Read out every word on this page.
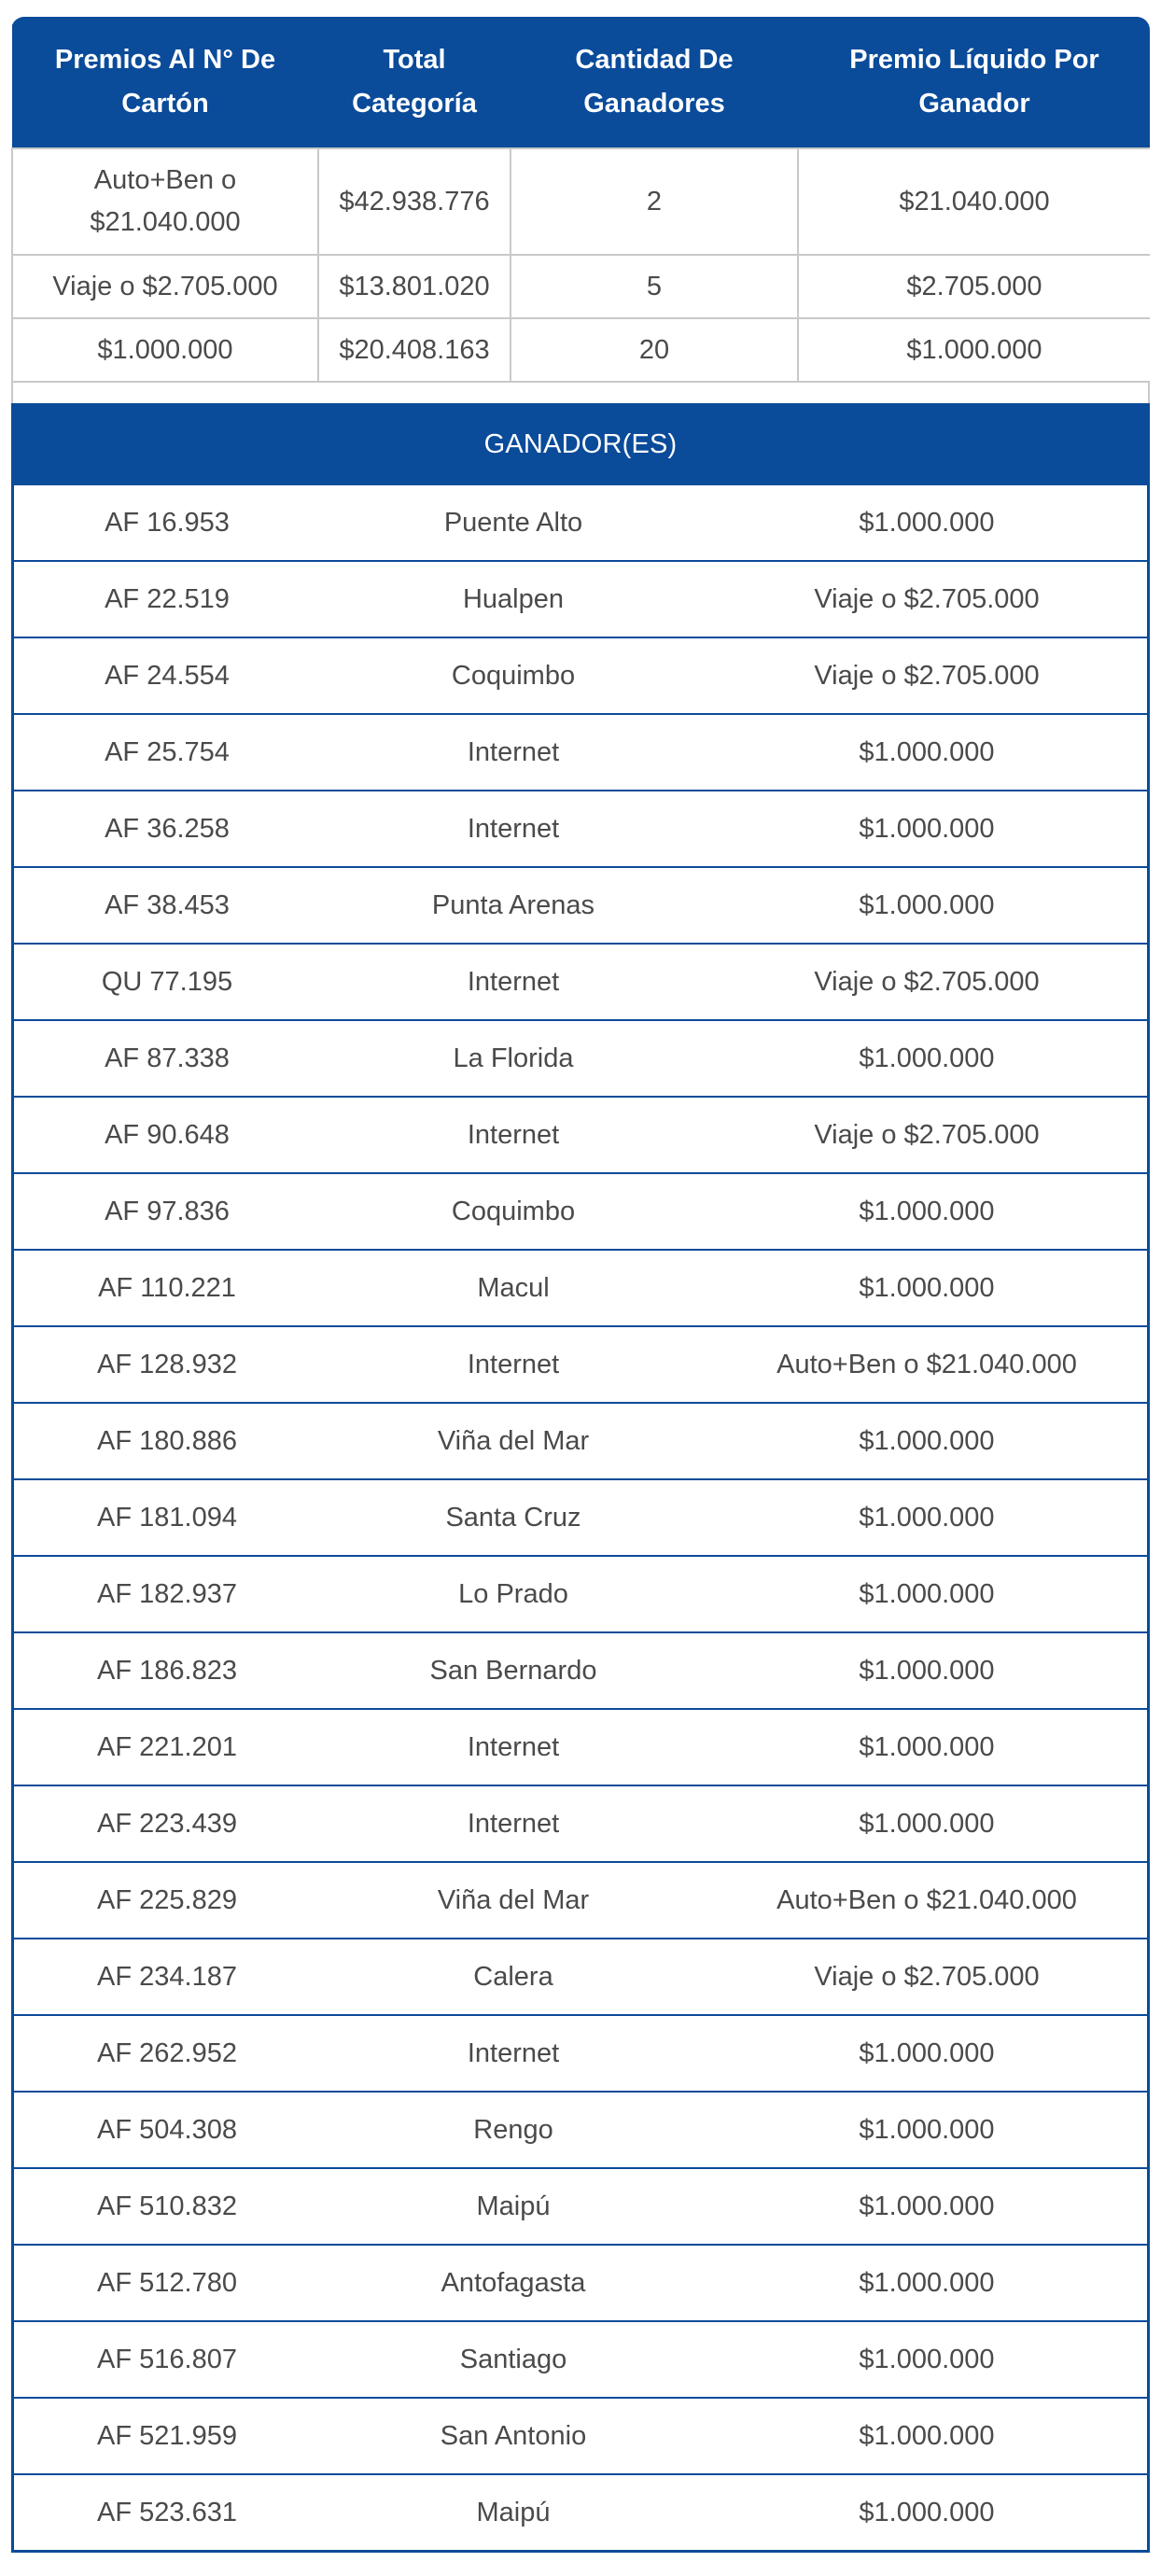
Premios Al N° De Cartón	Total Categoría	Cantidad De Ganadores	Premio Líquido Por Ganador
Auto+Ben o $21.040.000	$42.938.776	2	$21.040.000
Viaje o $2.705.000	$13.801.020	5	$2.705.000
$1.000.000	$20.408.163	20	$1.000.000
GANADOR(ES)
AF 16.953	Puente Alto	$1.000.000
AF 22.519	Hualpen	Viaje o $2.705.000
AF 24.554	Coquimbo	Viaje o $2.705.000
AF 25.754	Internet	$1.000.000
AF 36.258	Internet	$1.000.000
AF 38.453	Punta Arenas	$1.000.000
QU 77.195	Internet	Viaje o $2.705.000
AF 87.338	La Florida	$1.000.000
AF 90.648	Internet	Viaje o $2.705.000
AF 97.836	Coquimbo	$1.000.000
AF 110.221	Macul	$1.000.000
AF 128.932	Internet	Auto+Ben o $21.040.000
AF 180.886	Viña del Mar	$1.000.000
AF 181.094	Santa Cruz	$1.000.000
AF 182.937	Lo Prado	$1.000.000
AF 186.823	San Bernardo	$1.000.000
AF 221.201	Internet	$1.000.000
AF 223.439	Internet	$1.000.000
AF 225.829	Viña del Mar	Auto+Ben o $21.040.000
AF 234.187	Calera	Viaje o $2.705.000
AF 262.952	Internet	$1.000.000
AF 504.308	Rengo	$1.000.000
AF 510.832	Maipú	$1.000.000
AF 512.780	Antofagasta	$1.000.000
AF 516.807	Santiago	$1.000.000
AF 521.959	San Antonio	$1.000.000
AF 523.631	Maipú	$1.000.000
